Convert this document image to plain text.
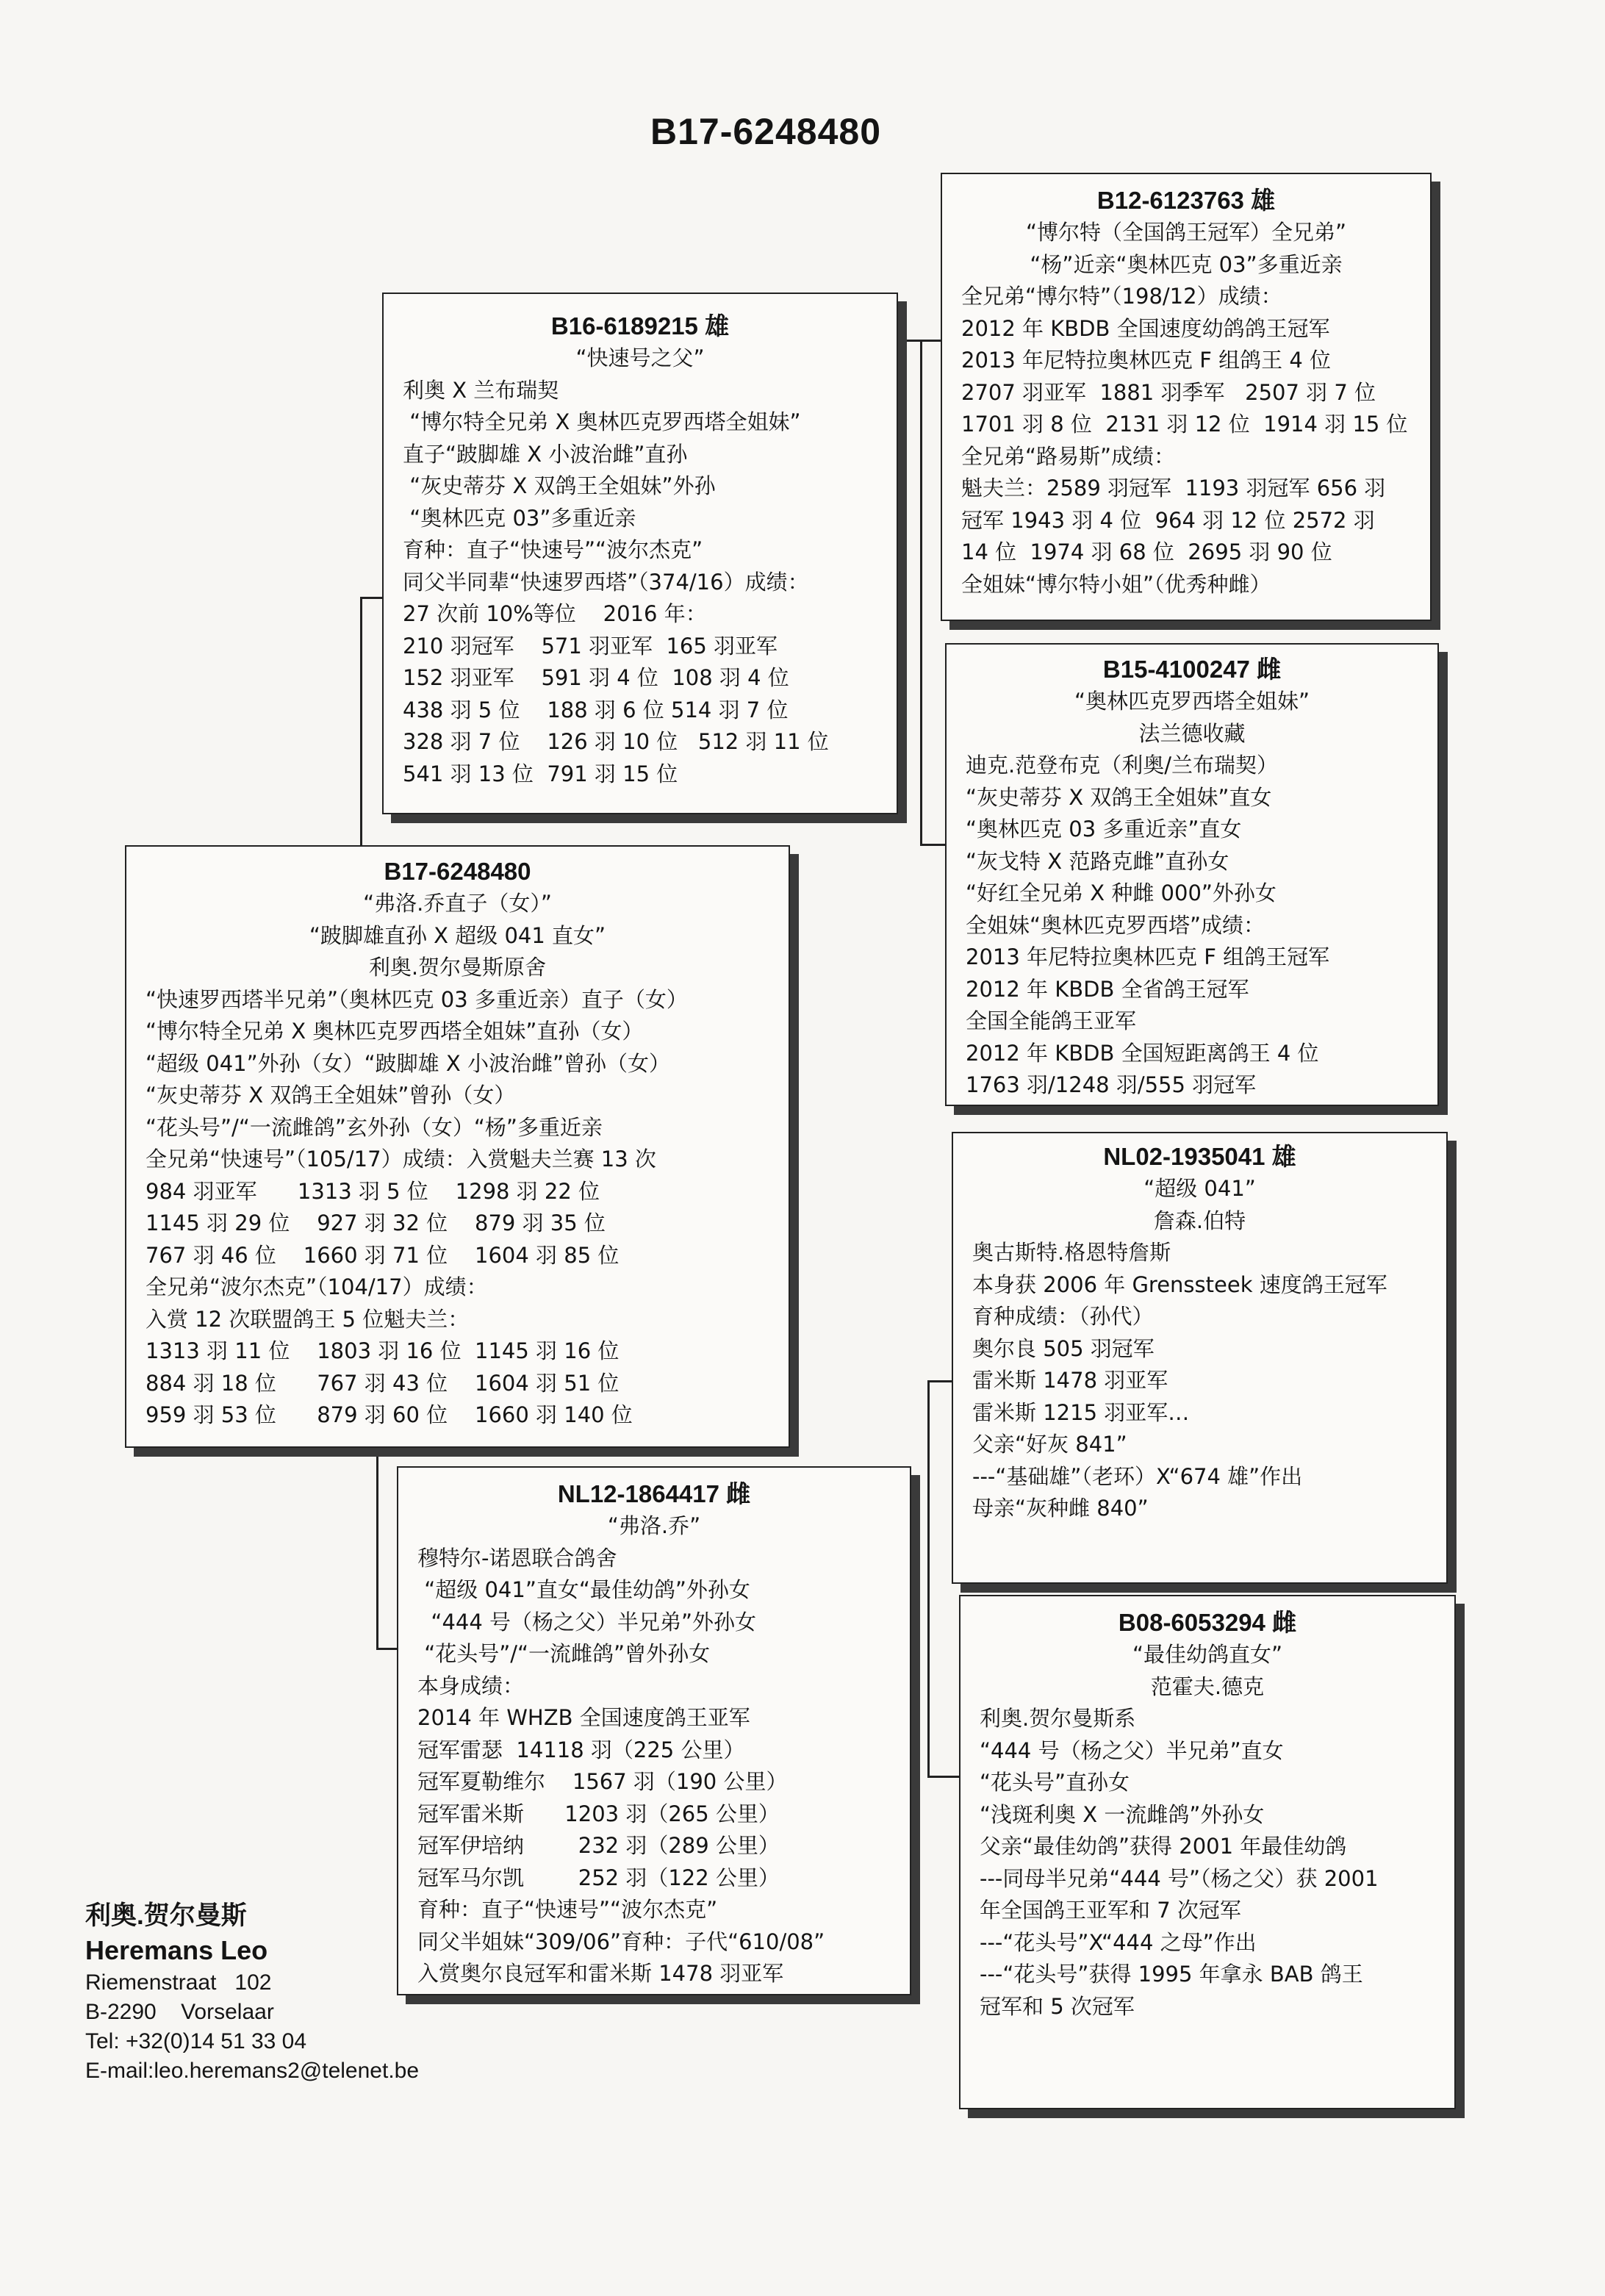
B17-6248480
B16-6189215 雄
“快速号之父”
利奥 X 兰布瑞契
“博尔特全兄弟 X 奥林匹克罗西塔全姐妹”
直子“跛脚雄 X 小波治雌”直孙
“灰史蒂芬 X 双鸽王全姐妹”外孙
“奥林匹克 03”多重近亲
育种：直子“快速号”“波尔杰克”
同父半同辈“快速罗西塔”（374/16）成绩：
27 次前 10%等位    2016 年：
210 羽冠军    571 羽亚军  165 羽亚军
152 羽亚军    591 羽 4 位  108 羽 4 位
438 羽 5 位    188 羽 6 位 514 羽 7 位
328 羽 7 位    126 羽 10 位   512 羽 11 位
541 羽 13 位  791 羽 15 位
B17-6248480
“弗洛.乔直子（女）”
“跛脚雄直孙 X 超级 041 直女”
利奥.贺尔曼斯原舍
“快速罗西塔半兄弟”（奥林匹克 03 多重近亲）直子（女）
“博尔特全兄弟 X 奥林匹克罗西塔全姐妹”直孙（女）
“超级 041”外孙（女）“跛脚雄 X 小波治雌”曾孙（女）
“灰史蒂芬 X 双鸽王全姐妹”曾孙（女）
“花头号”/“一流雌鸽”玄外孙（女）“杨”多重近亲
全兄弟“快速号”（105/17）成绩：入赏魁夫兰赛 13 次
984 羽亚军      1313 羽 5 位    1298 羽 22 位
1145 羽 29 位    927 羽 32 位    879 羽 35 位
767 羽 46 位    1660 羽 71 位    1604 羽 85 位
全兄弟“波尔杰克”（104/17）成绩：
入赏 12 次联盟鸽王 5 位魁夫兰：
1313 羽 11 位    1803 羽 16 位  1145 羽 16 位
884 羽 18 位      767 羽 43 位    1604 羽 51 位
959 羽 53 位      879 羽 60 位    1660 羽 140 位
NL12-1864417 雌
“弗洛.乔”
穆特尔-诺恩联合鸽舍
“超级 041”直女“最佳幼鸽”外孙女
“444 号（杨之父）半兄弟”外孙女
“花头号”/“一流雌鸽”曾外孙女
本身成绩：
2014 年 WHZB 全国速度鸽王亚军
冠军雷瑟  14118 羽（225 公里）
冠军夏勒维尔    1567 羽（190 公里）
冠军雷米斯      1203 羽（265 公里）
冠军伊培纳        232 羽（289 公里）
冠军马尔凯        252 羽（122 公里）
育种：直子“快速号”“波尔杰克”
同父半姐妹“309/06”育种：子代“610/08”
入赏奥尔良冠军和雷米斯 1478 羽亚军
B12-6123763 雄
“博尔特（全国鸽王冠军）全兄弟”
“杨”近亲“奥林匹克 03”多重近亲
全兄弟“博尔特”（198/12）成绩：
2012 年 KBDB 全国速度幼鸽鸽王冠军
2013 年尼特拉奥林匹克 F 组鸽王 4 位
2707 羽亚军  1881 羽季军   2507 羽 7 位
1701 羽 8 位  2131 羽 12 位  1914 羽 15 位
全兄弟“路易斯”成绩：
魁夫兰：2589 羽冠军  1193 羽冠军 656 羽
冠军 1943 羽 4 位  964 羽 12 位 2572 羽
14 位  1974 羽 68 位  2695 羽 90 位
全姐妹“博尔特小姐”（优秀种雌）
B15-4100247 雌
“奥林匹克罗西塔全姐妹”
法兰德收藏
迪克.范登布克（利奥/兰布瑞契）
“灰史蒂芬 X 双鸽王全姐妹”直女
“奥林匹克 03 多重近亲”直女
“灰戈特 X 范路克雌”直孙女
“好红全兄弟 X 种雌 000”外孙女
全姐妹“奥林匹克罗西塔”成绩：
2013 年尼特拉奥林匹克 F 组鸽王冠军
2012 年 KBDB 全省鸽王冠军
全国全能鸽王亚军
2012 年 KBDB 全国短距离鸽王 4 位
1763 羽/1248 羽/555 羽冠军
NL02-1935041 雄
“超级 041”
詹森.伯特
奥古斯特.格恩特詹斯
本身获 2006 年 Grenssteek 速度鸽王冠军
育种成绩：（孙代）
奥尔良 505 羽冠军
雷米斯 1478 羽亚军
雷米斯 1215 羽亚军…
父亲“好灰 841”
---“基础雄”（老环）X“674 雄”作出
母亲“灰种雌 840”
B08-6053294 雌
“最佳幼鸽直女”
范霍夫.德克
利奥.贺尔曼斯系
“444 号（杨之父）半兄弟”直女
“花头号”直孙女
“浅斑利奥 X 一流雌鸽”外孙女
父亲“最佳幼鸽”获得 2001 年最佳幼鸽
---同母半兄弟“444 号”（杨之父）获 2001
年全国鸽王亚军和 7 次冠军
---“花头号”X“444 之母”作出
---“花头号”获得 1995 年拿永 BAB 鸽王
冠军和 5 次冠军
利奥.贺尔曼斯
Heremans Leo
Riemenstraat   102
B-2290    Vorselaar
Tel: +32(0)14 51 33 04
E-mail:leo.heremans2@telenet.be
